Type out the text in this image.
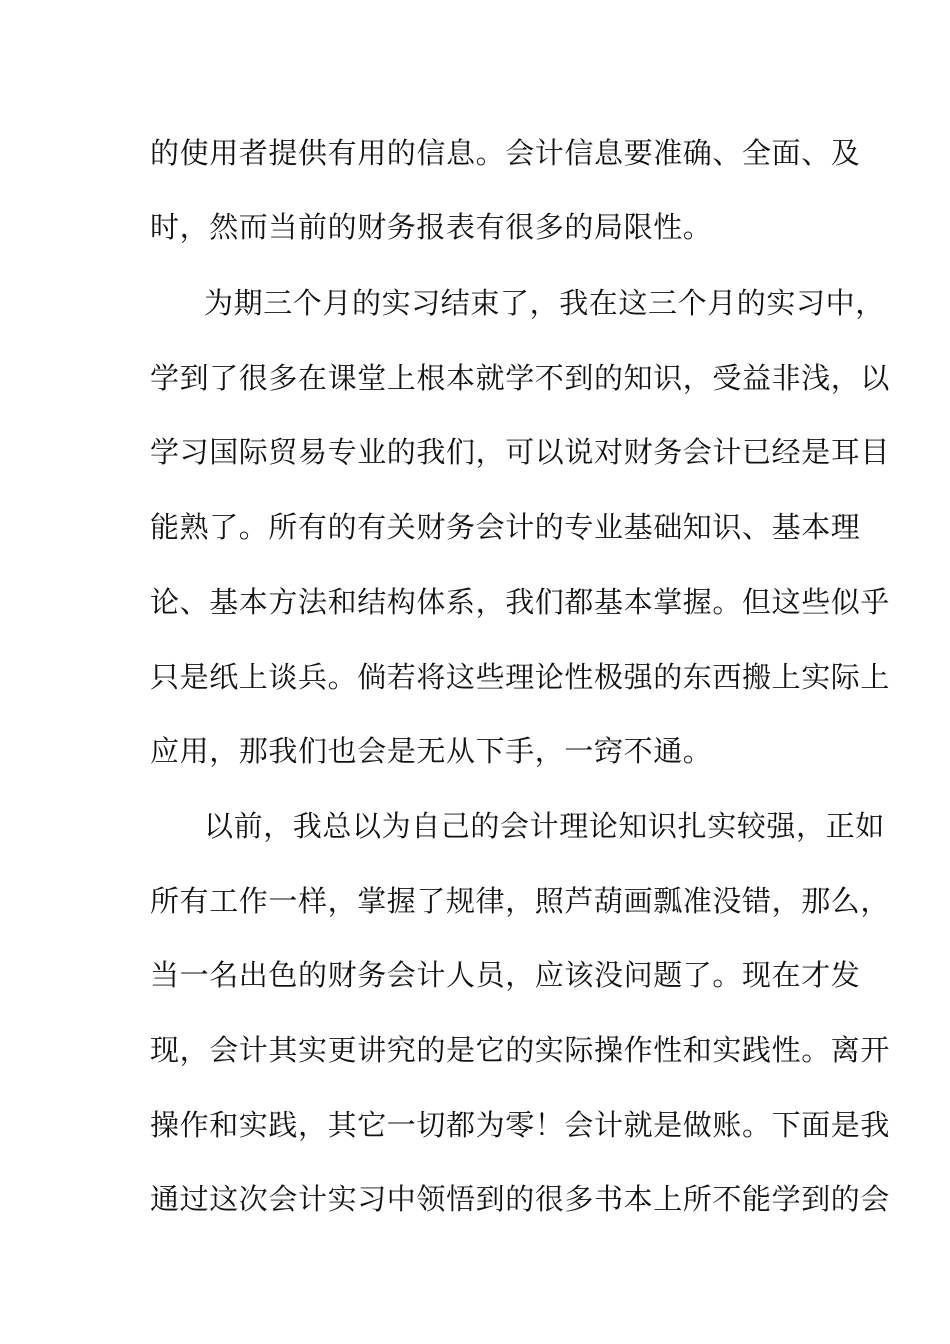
的使用者提供有用的信息。会计信息要准确、全面、及
时，然而当前的财务报表有很多的局限性。
为期三个月的实习结束了，我在这三个月的实习中，
学到了很多在课堂上根本就学不到的知识，受益非浅，以
学习国际贸易专业的我们，可以说对财务会计已经是耳目
能熟了。所有的有关财务会计的专业基础知识、基本理
论、基本方法和结构体系，我们都基本掌握。但这些似乎
只是纸上谈兵。倘若将这些理论性极强的东西搬上实际上
应用，那我们也会是无从下手，一窍不通。
以前，我总以为自己的会计理论知识扎实较强，正如
所有工作一样，掌握了规律，照芦葫画瓢准没错，那么，
当一名出色的财务会计人员，应该没问题了。现在才发
现，会计其实更讲究的是它的实际操作性和实践性。离开
操作和实践，其它一切都为零！会计就是做账。下面是我
通过这次会计实习中领悟到的很多书本上所不能学到的会
